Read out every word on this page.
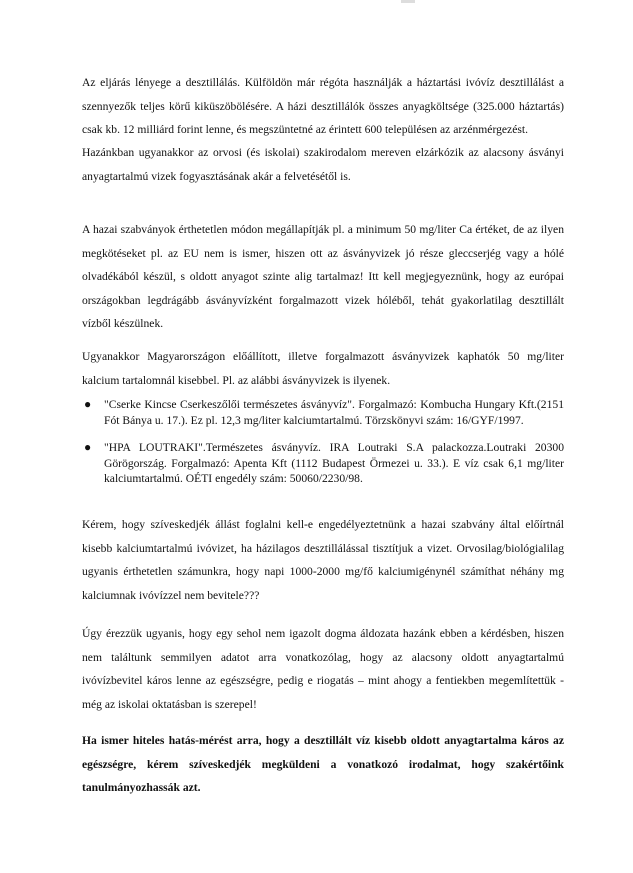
Az eljárás lényege a desztillálás. Külföldön már régóta használják a háztartási ivóvíz desztillálást a szennyezők teljes körű kiküszöbölésére. A házi desztillálók összes anyagköltsége (325.000 háztartás) csak kb. 12 milliárd forint lenne, és megszüntetné az érintett 600 településen az arzénmérgezést.

Hazánkban ugyanakkor az orvosi (és iskolai) szakirodalom mereven elzárkózik az alacsony ásványi anyagtartalmú vizek fogyasztásának akár a felvetésétől is.

A hazai szabványok érthetetlen módon megállapítják pl. a minimum 50 mg/liter Ca értéket, de az ilyen megkötéseket pl. az EU nem is ismer, hiszen ott az ásványvizek jó része gleccserjég vagy a hólé olvadékából készül, s oldott anyagot szinte alig tartalmaz! Itt kell megjegyeznünk, hogy az európai országokban legdrágább ásványvízként forgalmazott vizek hóléből, tehát gyakorlatilag desztillált vízből készülnek.

Ugyanakkor Magyarországon előállított, illetve forgalmazott ásványvizek kaphatók 50 mg/liter kalcium tartalomnál kisebbel. Pl. az alábbi ásványvizek is ilyenek.

● "Cserke Kincse Cserkeszőlői természetes ásványvíz". Forgalmazó: Kombucha Hungary Kft.(2151 Fót Bánya u. 17.). Ez pl. 12,3 mg/liter kalciumtartalmú. Törzskönyvi szám: 16/GYF/1997.
● "HPA LOUTRAKI".Természetes ásványvíz. IRA Loutraki S.A palackozza.Loutraki 20300 Görögország. Forgalmazó: Apenta Kft (1112 Budapest Örmezei u. 33.). E víz csak 6,1 mg/liter kalciumtartalmú. OÉTI engedély szám: 50060/2230/98.

Kérem, hogy szíveskedjék állást foglalni kell-e engedélyeztetnünk a hazai szabvány által előírtnál kisebb kalciumtartalmú ivóvizet, ha házilagos desztillálással tisztítjuk a vizet. Orvosilag/biológialilag ugyanis érthetetlen számunkra, hogy napi 1000-2000 mg/fő kalciumigénynél számíthat néhány mg kalciumnak ivóvízzel nem bevitele???

Úgy érezzük ugyanis, hogy egy sehol nem igazolt dogma áldozata hazánk ebben a kérdésben, hiszen nem találtunk semmilyen adatot arra vonatkozólag, hogy az alacsony oldott anyagtartalmú ivóvízbevitel káros lenne az egészségre, pedig e riogatás – mint ahogy a fentiekben megemlítettük - még az iskolai oktatásban is szerepel!

Ha ismer hiteles hatás-mérést arra, hogy a desztillált víz kisebb oldott anyagtartalma káros az egészségre, kérem szíveskedjék megküldeni a vonatkozó irodalmat, hogy szakértőink tanulmányozhassák azt.
